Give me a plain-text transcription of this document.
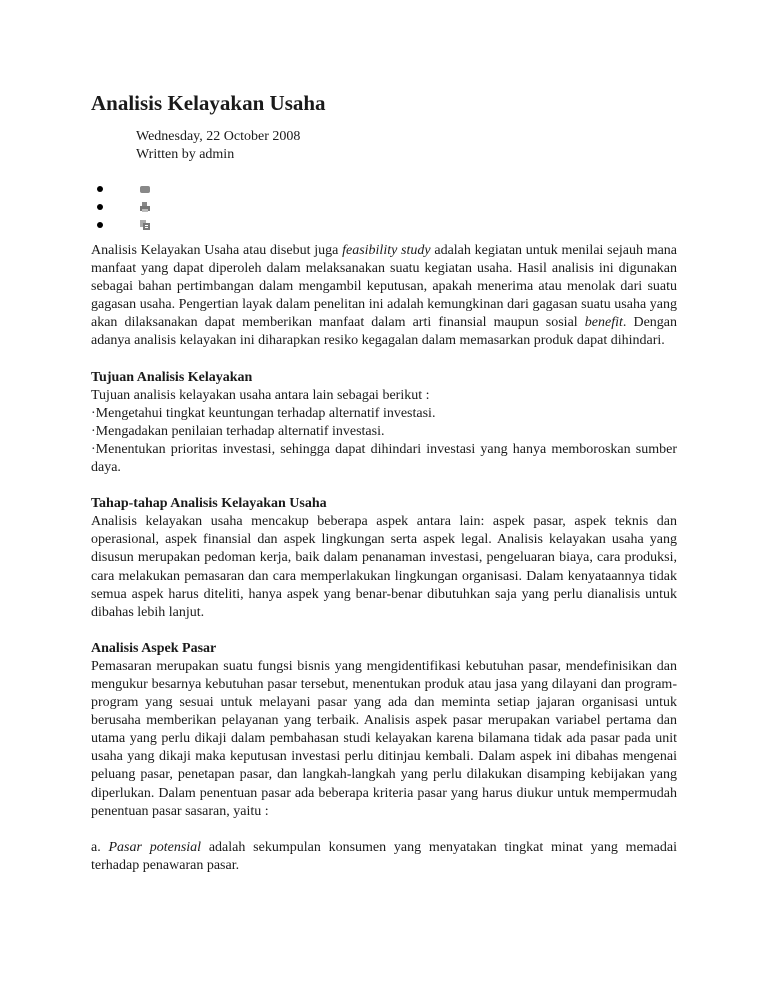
Analisis Kelayakan Usaha
Wednesday, 22 October 2008
Written by admin

Analisis Kelayakan Usaha atau disebut juga feasibility study adalah kegiatan untuk menilai sejauh mana manfaat yang dapat diperoleh dalam melaksanakan suatu kegiatan usaha. Hasil analisis ini digunakan sebagai bahan pertimbangan dalam mengambil keputusan, apakah menerima atau menolak dari suatu gagasan usaha. Pengertian layak dalam penelitan ini adalah kemungkinan dari gagasan suatu usaha yang akan dilaksanakan dapat memberikan manfaat dalam arti finansial maupun sosial benefit. Dengan adanya analisis kelayakan ini diharapkan resiko kegagalan dalam memasarkan produk dapat dihindari.

Tujuan Analisis Kelayakan

Tujuan analisis kelayakan usaha antara lain sebagai berikut :

·Mengetahui tingkat keuntungan terhadap alternatif investasi.

·Mengadakan penilaian terhadap alternatif investasi.

·Menentukan prioritas investasi, sehingga dapat dihindari investasi yang hanya memboroskan sumber daya.

Tahap-tahap Analisis Kelayakan Usaha

Analisis kelayakan usaha mencakup beberapa aspek antara lain: aspek pasar, aspek teknis dan operasional, aspek finansial dan aspek lingkungan serta aspek legal. Analisis kelayakan usaha yang disusun merupakan pedoman kerja, baik dalam penanaman investasi, pengeluaran biaya, cara produksi, cara melakukan pemasaran dan cara memperlakukan lingkungan organisasi. Dalam kenyataannya tidak semua aspek harus diteliti, hanya aspek yang benar-benar dibutuhkan saja yang perlu dianalisis untuk dibahas lebih lanjut.

Analisis Aspek Pasar

Pemasaran merupakan suatu fungsi bisnis yang mengidentifikasi kebutuhan pasar, mendefinisikan dan mengukur besarnya kebutuhan pasar tersebut, menentukan produk atau jasa yang dilayani dan program-program yang sesuai untuk melayani pasar yang ada dan meminta setiap jajaran organisasi untuk berusaha memberikan pelayanan yang terbaik. Analisis aspek pasar merupakan variabel pertama dan utama yang perlu dikaji dalam pembahasan studi kelayakan karena bilamana tidak ada pasar pada unit usaha yang dikaji maka keputusan investasi perlu ditinjau kembali. Dalam aspek ini dibahas mengenai peluang pasar, penetapan pasar, dan langkah-langkah yang perlu dilakukan disamping kebijakan yang diperlukan. Dalam penentuan pasar ada beberapa kriteria pasar yang harus diukur untuk mempermudah penentuan pasar sasaran, yaitu :

a. Pasar potensial adalah sekumpulan konsumen yang menyatakan tingkat minat yang memadai terhadap penawaran pasar.
